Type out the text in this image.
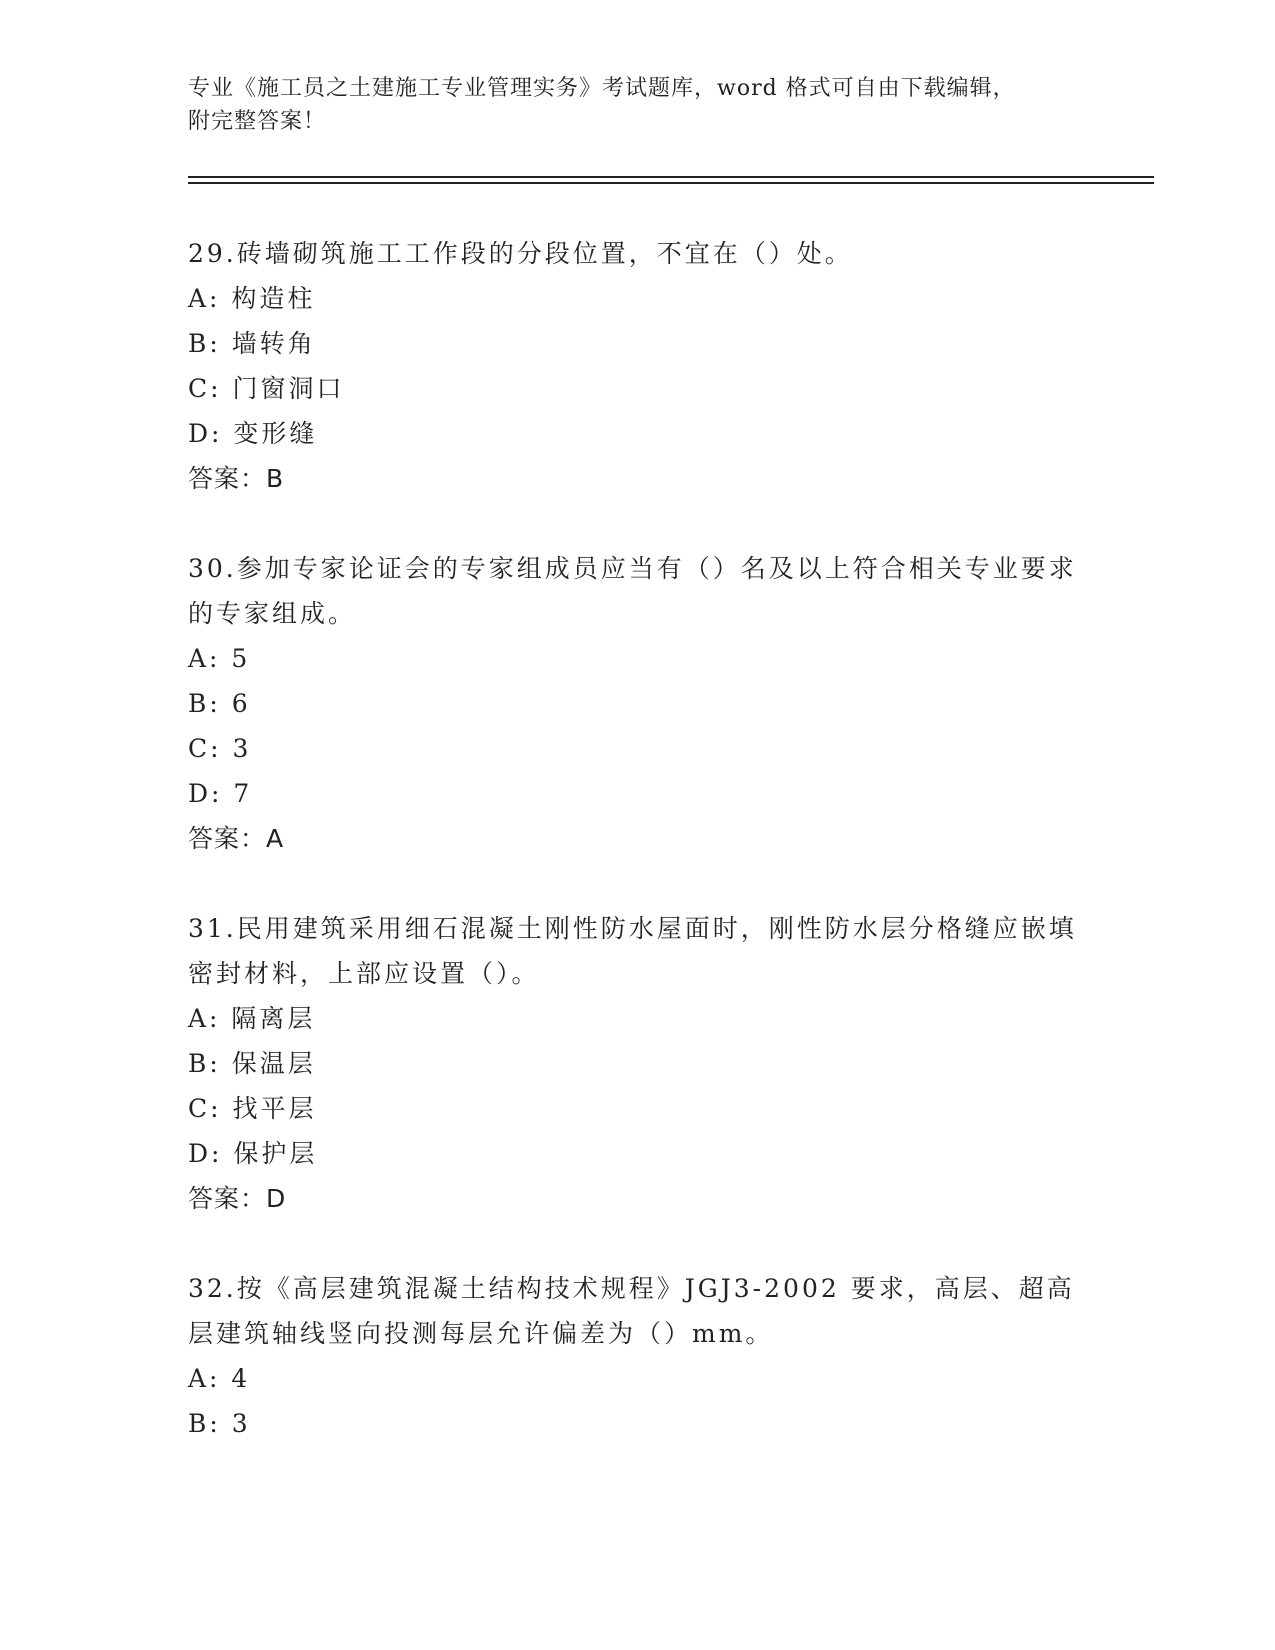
专业《施工员之土建施工专业管理实务》考试题库，word 格式可自由下载编辑，
附完整答案！

29.砖墙砌筑施工工作段的分段位置，不宜在（）处。

A: 构造柱

B: 墙转角

C: 门窗洞口

D: 变形缝

答案：B

30.参加专家论证会的专家组成员应当有（）名及以上符合相关专业要求的专家组成。

A: 5

B: 6

C: 3

D: 7

答案：A

31.民用建筑采用细石混凝土刚性防水屋面时，刚性防水层分格缝应嵌填密封材料，上部应设置（）。

A: 隔离层

B: 保温层

C: 找平层

D: 保护层

答案：D

32.按《高层建筑混凝土结构技术规程》JGJ3-2002 要求，高层、超高层建筑轴线竖向投测每层允许偏差为（）mm。

A: 4

B: 3
